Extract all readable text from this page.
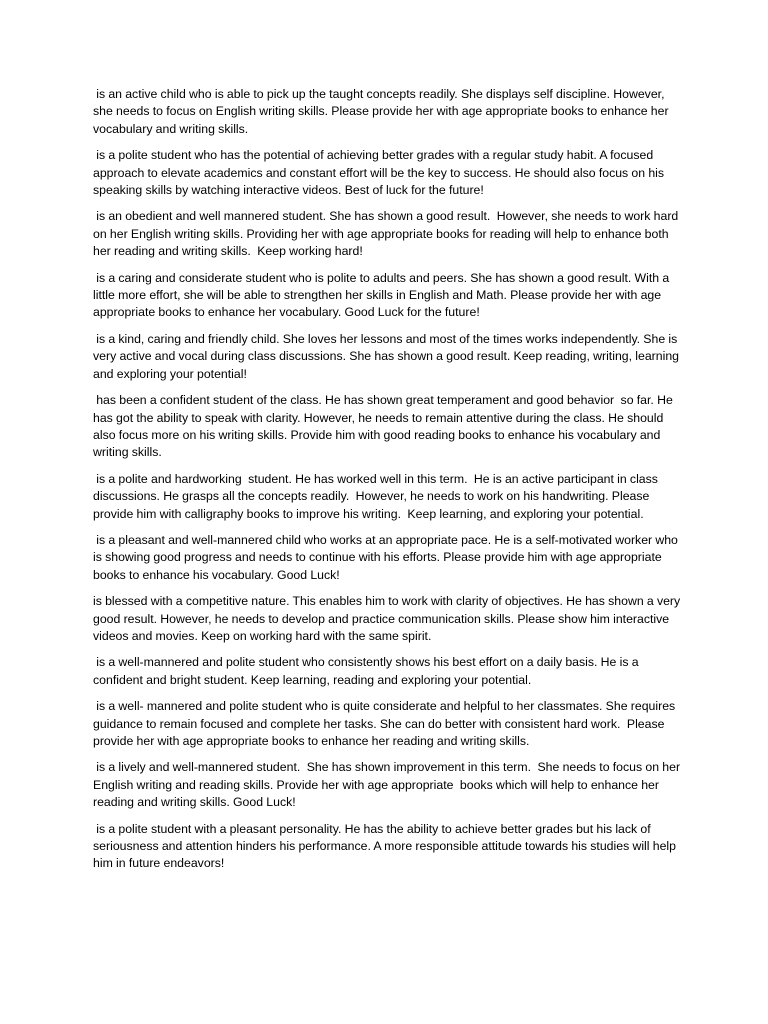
is an active child who is able to pick up the taught concepts readily. She displays self discipline. However, she needs to focus on English writing skills. Please provide her with age appropriate books to enhance her vocabulary and writing skills.

is a polite student who has the potential of achieving better grades with a regular study habit. A focused approach to elevate academics and constant effort will be the key to success. He should also focus on his speaking skills by watching interactive videos. Best of luck for the future!

is an obedient and well mannered student. She has shown a good result.  However, she needs to work hard on her English writing skills. Providing her with age appropriate books for reading will help to enhance both her reading and writing skills.  Keep working hard!

is a caring and considerate student who is polite to adults and peers. She has shown a good result. With a little more effort, she will be able to strengthen her skills in English and Math. Please provide her with age appropriate books to enhance her vocabulary. Good Luck for the future!

is a kind, caring and friendly child. She loves her lessons and most of the times works independently. She is very active and vocal during class discussions. She has shown a good result. Keep reading, writing, learning and exploring your potential!

has been a confident student of the class. He has shown great temperament and good behavior  so far. He has got the ability to speak with clarity. However, he needs to remain attentive during the class. He should also focus more on his writing skills. Provide him with good reading books to enhance his vocabulary and writing skills.

is a polite and hardworking  student. He has worked well in this term.  He is an active participant in class discussions. He grasps all the concepts readily.  However, he needs to work on his handwriting. Please provide him with calligraphy books to improve his writing.  Keep learning, and exploring your potential.

is a pleasant and well-mannered child who works at an appropriate pace. He is a self-motivated worker who is showing good progress and needs to continue with his efforts. Please provide him with age appropriate books to enhance his vocabulary. Good Luck!

is blessed with a competitive nature. This enables him to work with clarity of objectives. He has shown a very good result. However, he needs to develop and practice communication skills. Please show him interactive videos and movies. Keep on working hard with the same spirit.

is a well-mannered and polite student who consistently shows his best effort on a daily basis. He is a confident and bright student. Keep learning, reading and exploring your potential.

is a well- mannered and polite student who is quite considerate and helpful to her classmates. She requires guidance to remain focused and complete her tasks. She can do better with consistent hard work.  Please provide her with age appropriate books to enhance her reading and writing skills.

is a lively and well-mannered student.  She has shown improvement in this term.  She needs to focus on her English writing and reading skills. Provide her with age appropriate  books which will help to enhance her reading and writing skills. Good Luck!

is a polite student with a pleasant personality. He has the ability to achieve better grades but his lack of seriousness and attention hinders his performance. A more responsible attitude towards his studies will help him in future endeavors!
